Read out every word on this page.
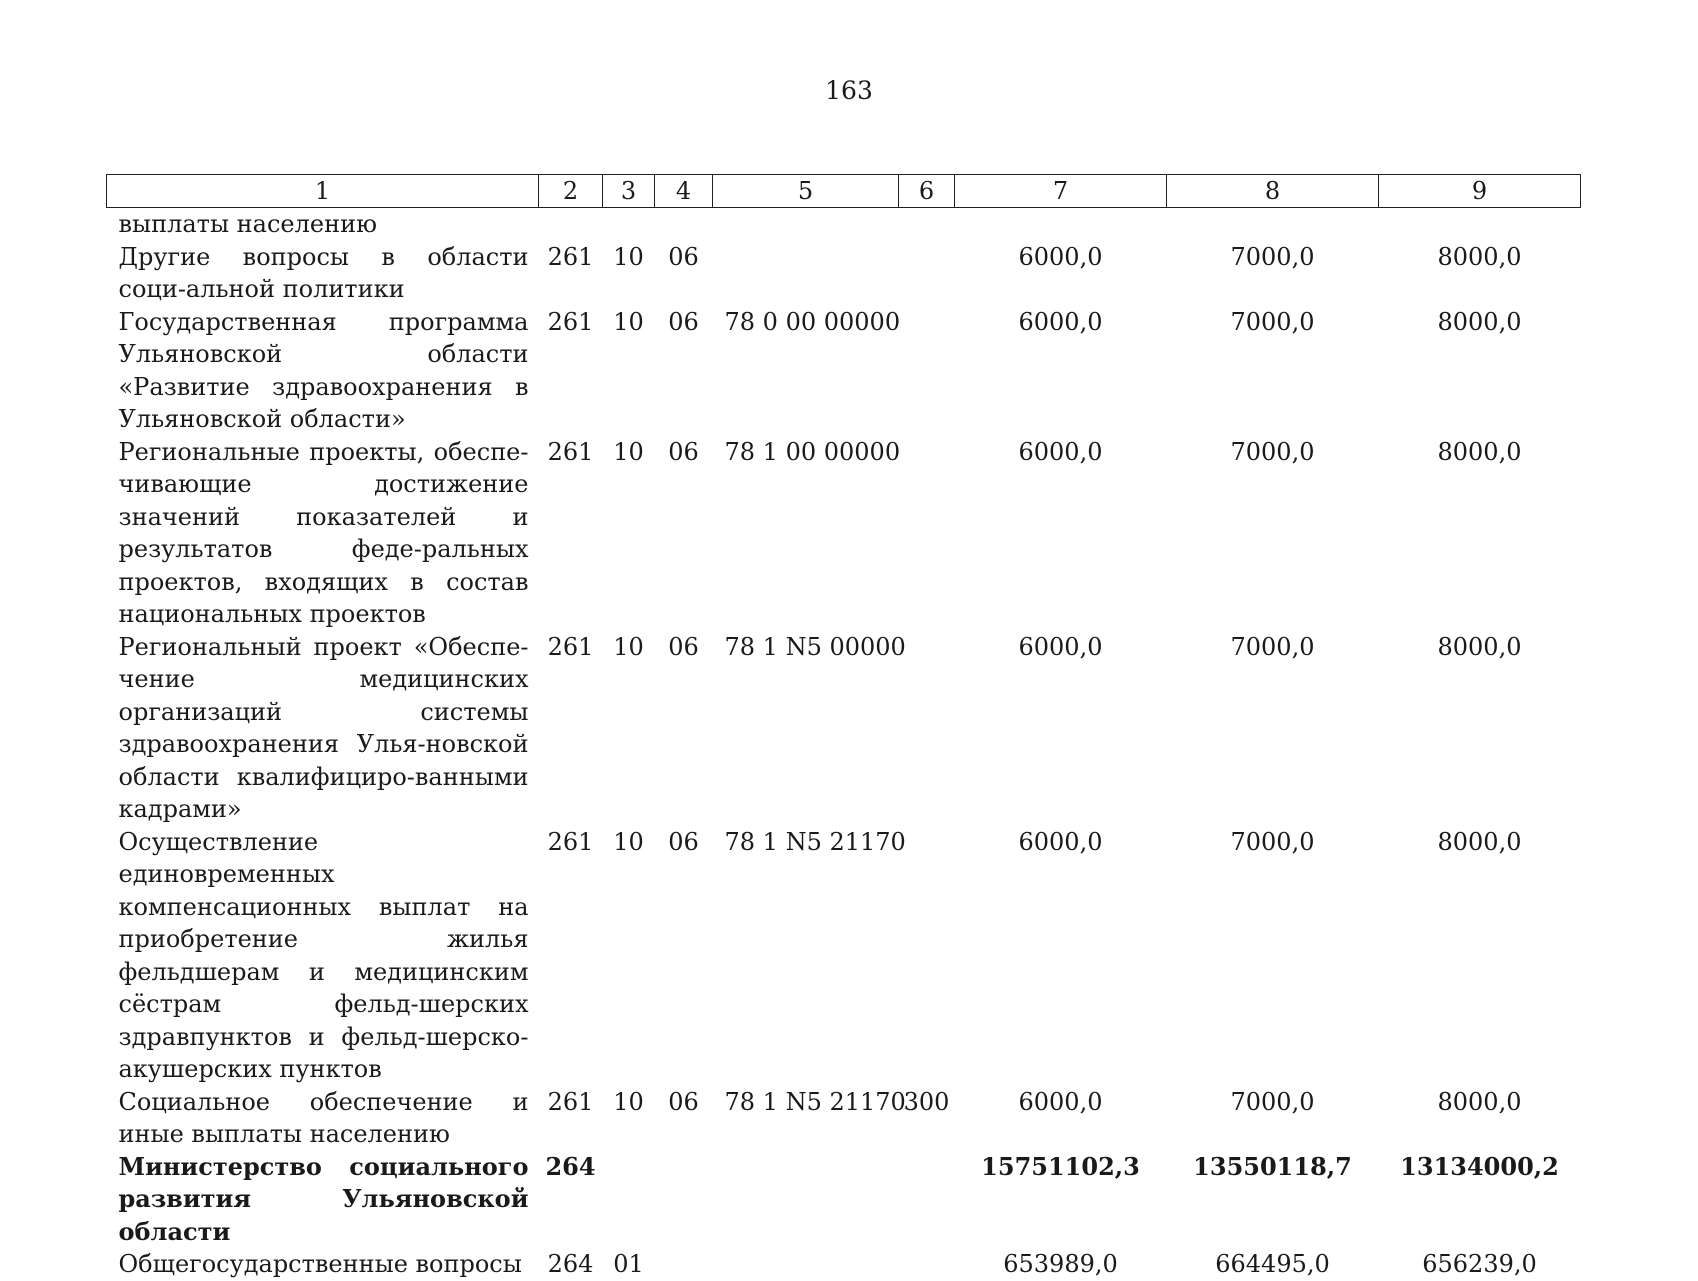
163
1	2	3	4	5	6	7	8	9
выплаты населению								
Другие вопросы в области соци-альной политики	261	10	06			6000,0	7000,0	8000,0
Государственная программа Ульяновской области «Развитие здравоохранения в Ульяновской области»	261	10	06	78 0 00 00000		6000,0	7000,0	8000,0
Региональные проекты, обеспе-чивающие достижение значений показателей и результатов феде-ральных проектов, входящих в состав национальных проектов	261	10	06	78 1 00 00000		6000,0	7000,0	8000,0
Региональный проект «Обеспе-чение медицинских организаций системы здравоохранения Улья-новской области квалифициро-ванными кадрами»	261	10	06	78 1 N5 00000		6000,0	7000,0	8000,0
Осуществление единовременных компенсационных выплат на приобретение жилья фельдшерам и медицинским сёстрам фельд-шерских здравпунктов и фельд-шерско-акушерских пунктов	261	10	06	78 1 N5 21170		6000,0	7000,0	8000,0
Социальное обеспечение и иные выплаты населению	261	10	06	78 1 N5 21170	300	6000,0	7000,0	8000,0
Министерство социального развития Ульяновской области	264					15751102,3	13550118,7	13134000,2
Общегосударственные вопросы	264	01				653989,0	664495,0	656239,0
